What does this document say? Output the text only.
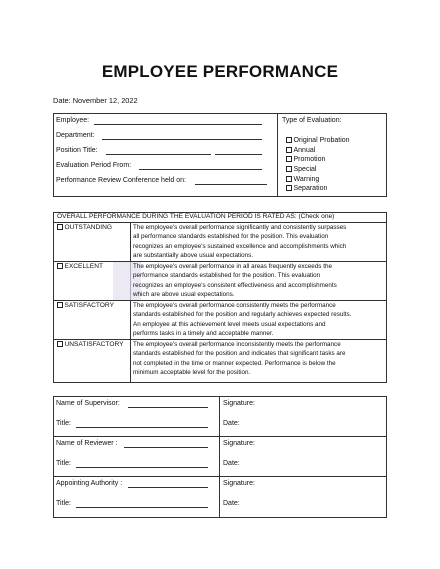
EMPLOYEE PERFORMANCE
Date: November 12, 2022
Employee:
Department:
Position Title:
Evaluation Period From:
Performance Review Conference held on:
Type of Evaluation:
Original Probation
Annual
Promotion
Special
Warning
Separation
OVERALL PERFORMANCE DURING THE EVALUATION PERIOD IS RATED AS: (Check one)
OUTSTANDING	The employee's overall performance significantly and consistently surpasses
all performance standards established for the position. This evaluation
recognizes an employee's sustained excellence and accomplishments which
are substantially above usual expectations.
EXCELLENT	The employee's overall performance in all areas frequently exceeds the
performance standards established for the position. This evaluation
recognizes an employee's consistent effectiveness and accomplishments
which are above usual expectations.
SATISFACTORY	The employee's overall performance consistently meets the performance
standards established for the position and regularly achieves expected results.
An employee at this achievement level meets usual expectations and
performs tasks in a timely and acceptable manner.
UNSATISFACTORY The employee's overall performance inconsistently meets the performance
standards established for the position and indicates that significant tasks are
not completed in the time or manner expected. Performance is below the
minimum acceptable level for the position.
Name of Supervisor:
Title:
Signature:
Date:
Name of Reviewer :
Title:
Signature:
Date:
Appointing Authority :
Title:
Signature:
Date:
